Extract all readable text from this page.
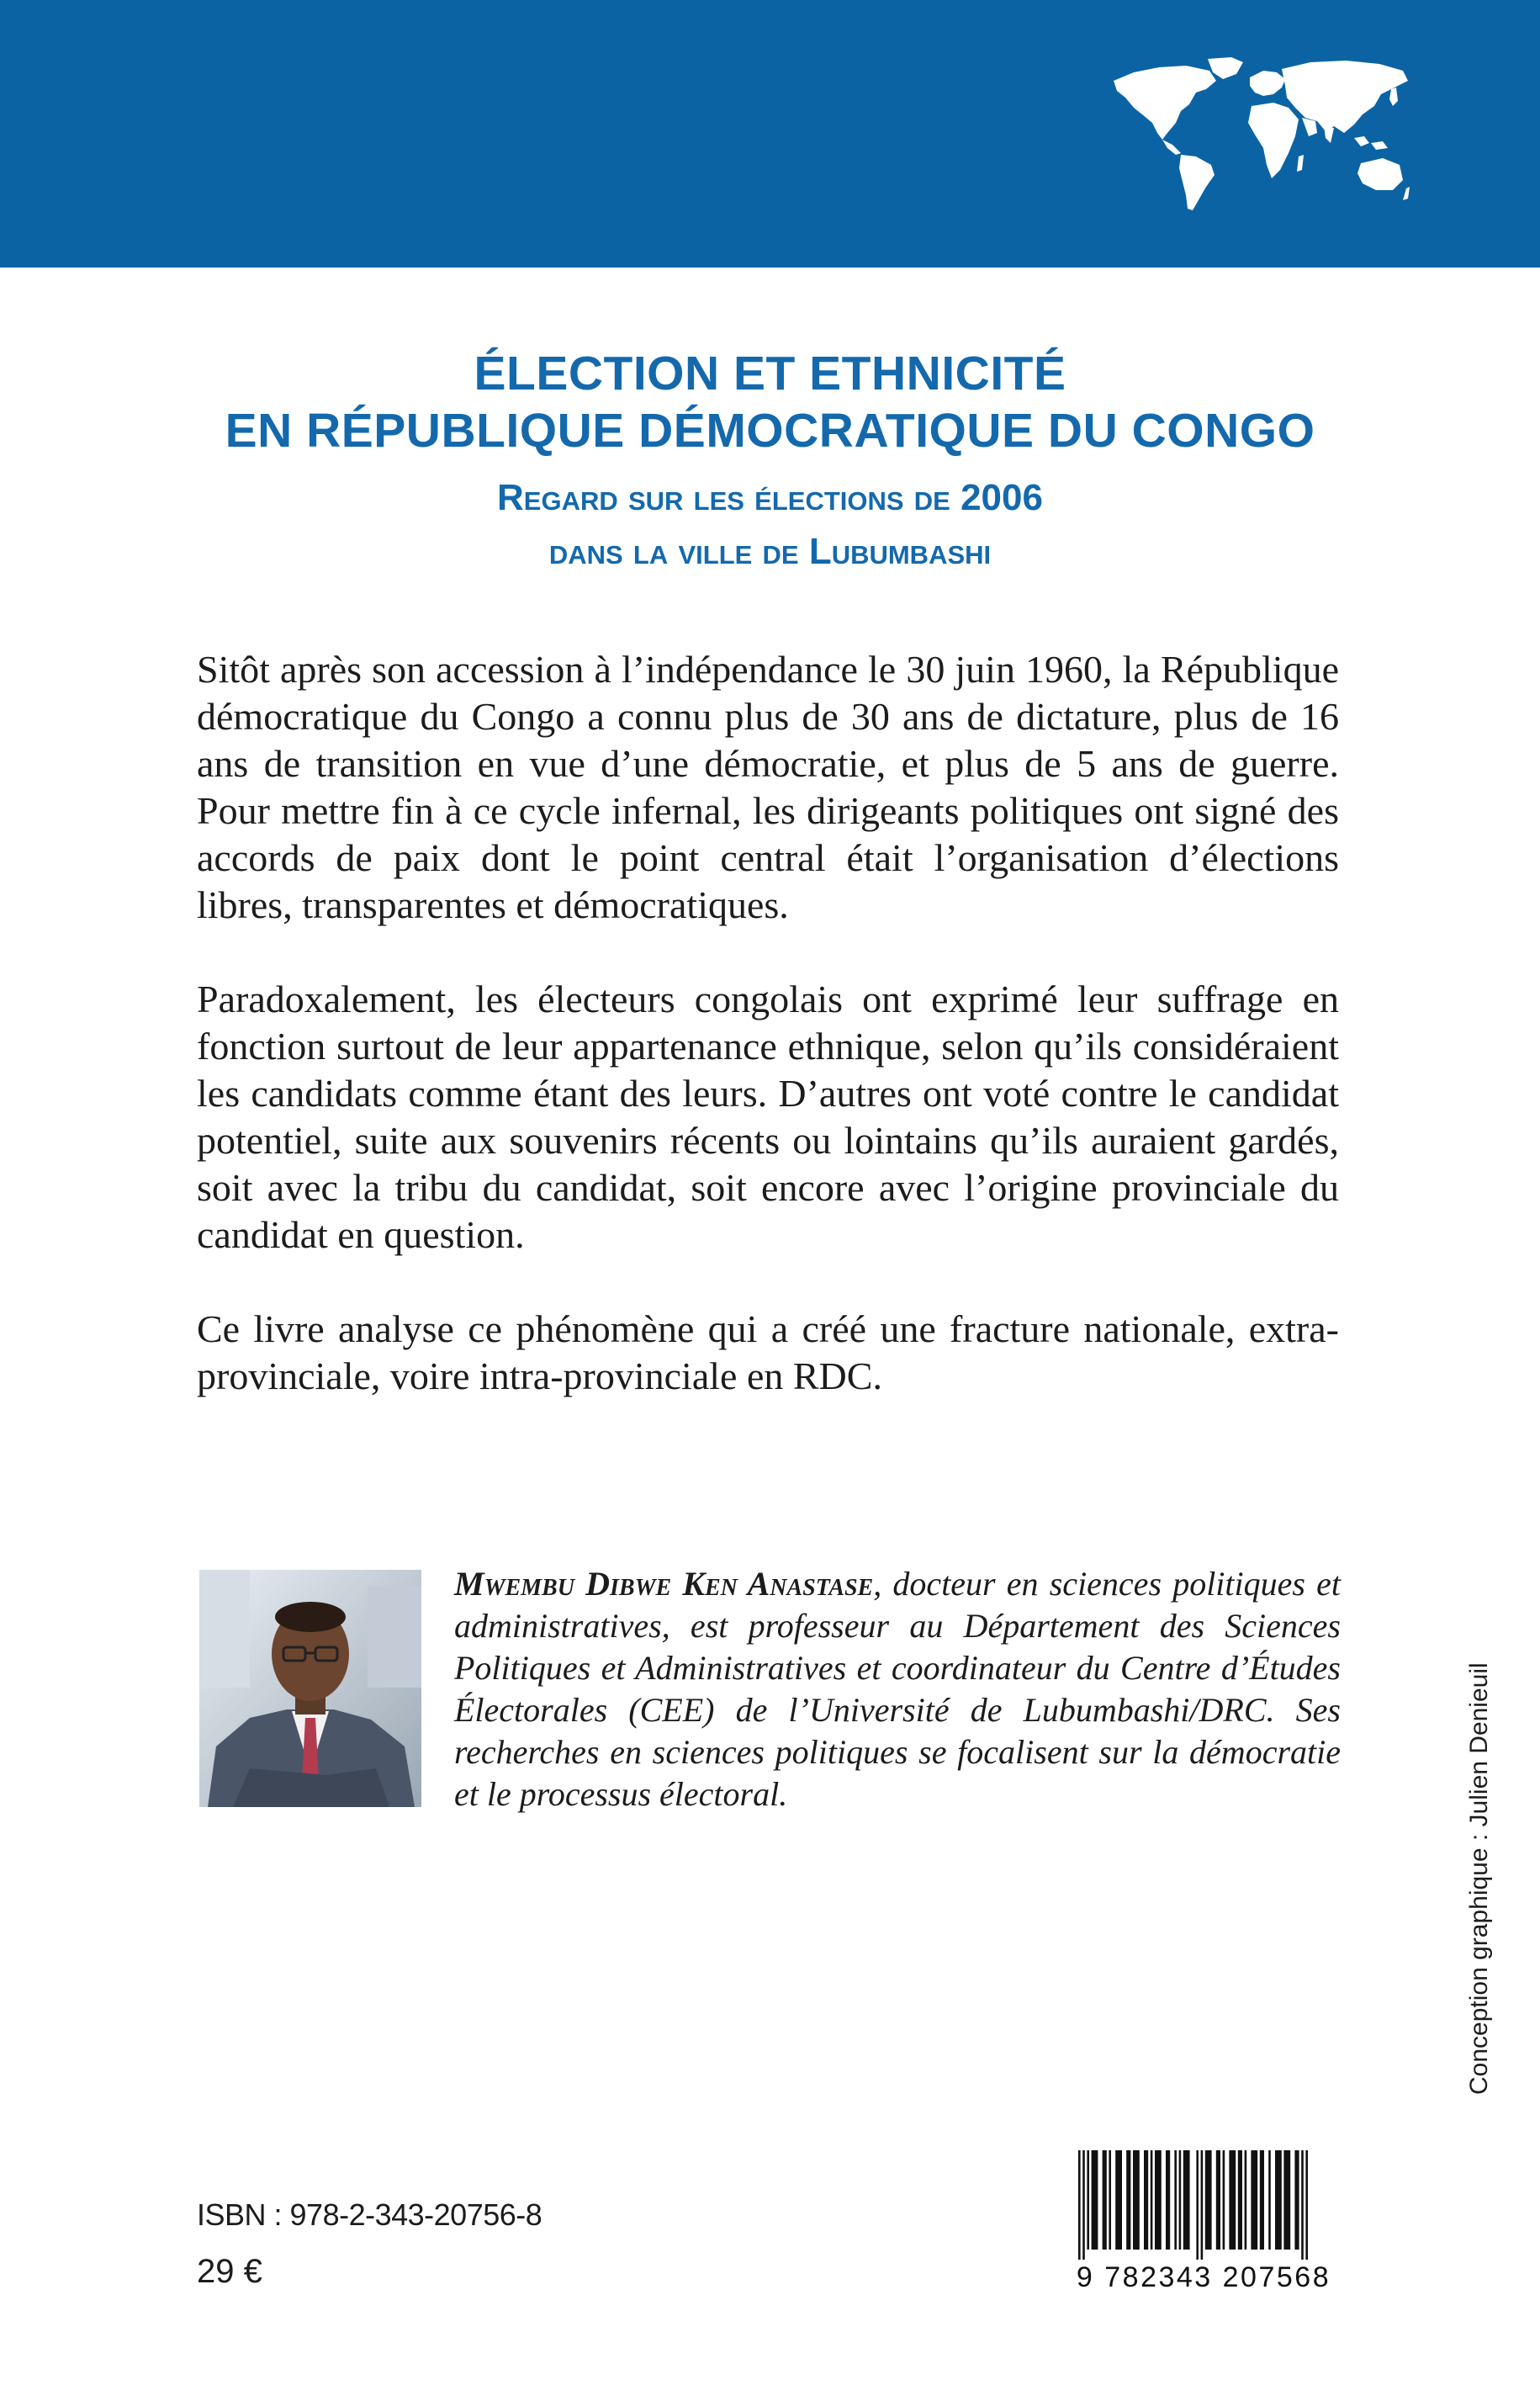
ÉLECTION ET ETHNICITÉ
EN RÉPUBLIQUE DÉMOCRATIQUE DU CONGO
Regard sur les élections de 2006
dans la ville de Lubumbashi

Sitôt après son accession à l’indépendance le 30 juin 1960, la République démocratique du Congo a connu plus de 30 ans de dictature, plus de 16 ans de transition en vue d’une démocratie, et plus de 5 ans de guerre. Pour mettre fin à ce cycle infernal, les dirigeants politiques ont signé des accords de paix dont le point central était l’organisation d’élections libres, transparentes et démocratiques.

Paradoxalement, les électeurs congolais ont exprimé leur suffrage en fonction surtout de leur appartenance ethnique, selon qu’ils considéraient les candidats comme étant des leurs. D’autres ont voté contre le candidat potentiel, suite aux souvenirs récents ou lointains qu’ils auraient gardés, soit avec la tribu du candidat, soit encore avec l’origine provinciale du candidat en question.

Ce livre analyse ce phénomène qui a créé une fracture nationale, extra-provinciale, voire intra-provinciale en RDC.

Mwembu Dibwe Ken Anastase, docteur en sciences politiques et administratives, est professeur au Département des Sciences Politiques et Administratives et coordinateur du Centre d’Études Électorales (CEE) de l’Université de Lubumbashi/DRC. Ses recherches en sciences politiques se focalisent sur la démocratie et le processus électoral.	Conception graphique : Julien Denieuil
ISBN : 978-2-343-20756-8
29 €	9 782343 207568
